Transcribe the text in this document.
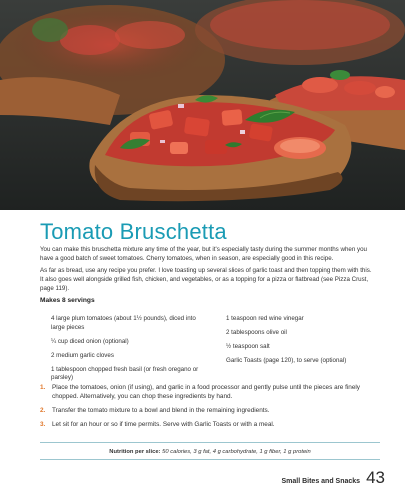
Tomato Bruschetta

You can make this bruschetta mixture any time of the year, but it's especially tasty during the summer months when you have a good batch of sweet tomatoes. Cherry tomatoes, when in season, are especially good in this recipe.

As far as bread, use any recipe you prefer. I love toasting up several slices of garlic toast and then topping them with this. It also goes well alongside grilled fish, chicken, and vegetables, or as a topping for a pizza or flatbread (see Pizza Crust, page 119).

Makes 8 servings

4 large plum tomatoes (about 1½ pounds), diced into large pieces
¼ cup diced onion (optional)
2 medium garlic cloves
1 tablespoon chopped fresh basil (or fresh oregano or parsley)
1 teaspoon red wine vinegar
2 tablespoons olive oil
½ teaspoon salt
Garlic Toasts (page 120), to serve (optional)
1. Place the tomatoes, onion (if using), and garlic in a food processor and gently pulse until the pieces are finely chopped. Alternatively, you can chop these ingredients by hand.
2. Transfer the tomato mixture to a bowl and blend in the remaining ingredients.
3. Let sit for an hour or so if time permits. Serve with Garlic Toasts or with a meal.
Nutrition per slice: 50 calories, 3 g fat, 4 g carbohydrate, 1 g fiber, 1 g protein
Small Bites and Snacks 43
